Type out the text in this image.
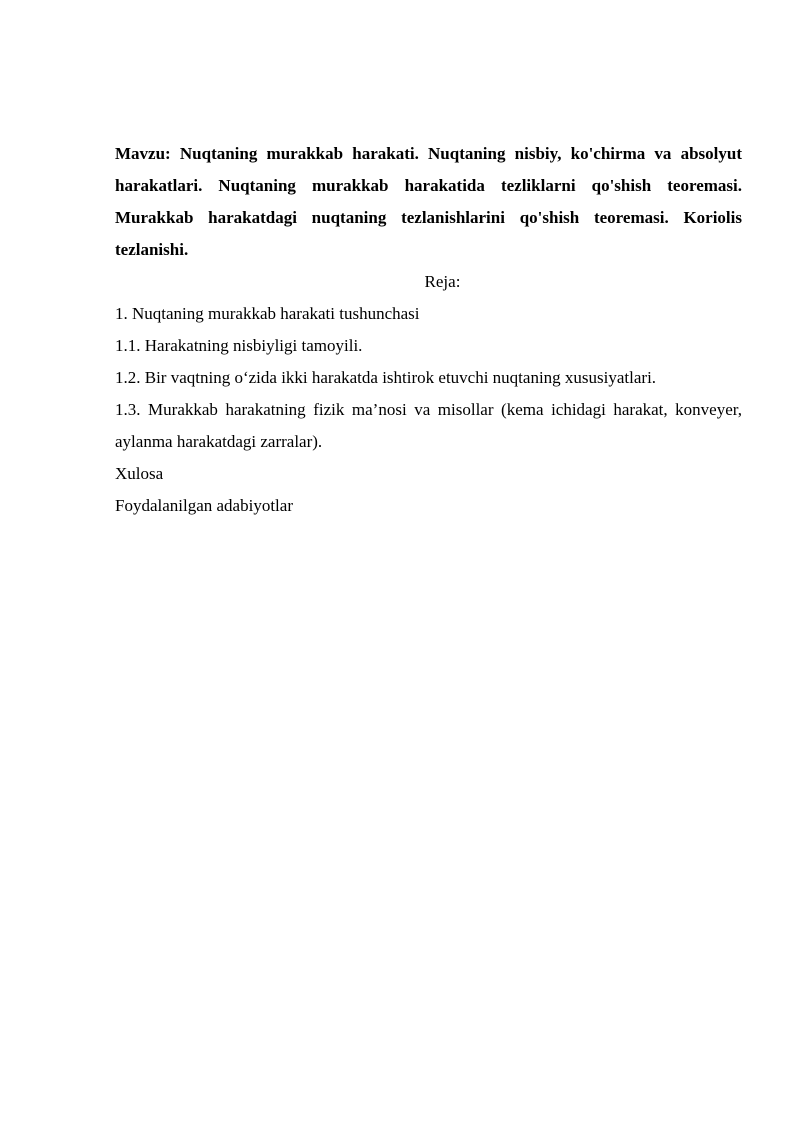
Mavzu: Nuqtaning murakkab harakati. Nuqtaning nisbiy, ko'chirma va absolyut harakatlari. Nuqtaning murakkab harakatida tezliklarni qo'shish teoremasi. Murakkab harakatdagi nuqtaning tezlanishlarini qo'shish teoremasi. Koriolis tezlanishi.

Reja:

1. Nuqtaning murakkab harakati tushunchasi
1.1. Harakatning nisbiyligi tamoyili.
1.2. Bir vaqtning o‘zida ikki harakatda ishtirok etuvchi nuqtaning xususiyatlari.
1.3. Murakkab harakatning fizik ma’nosi va misollar (kema ichidagi harakat, konveyer, aylanma harakatdagi zarralar).
Xulosa
Foydalanilgan adabiyotlar
